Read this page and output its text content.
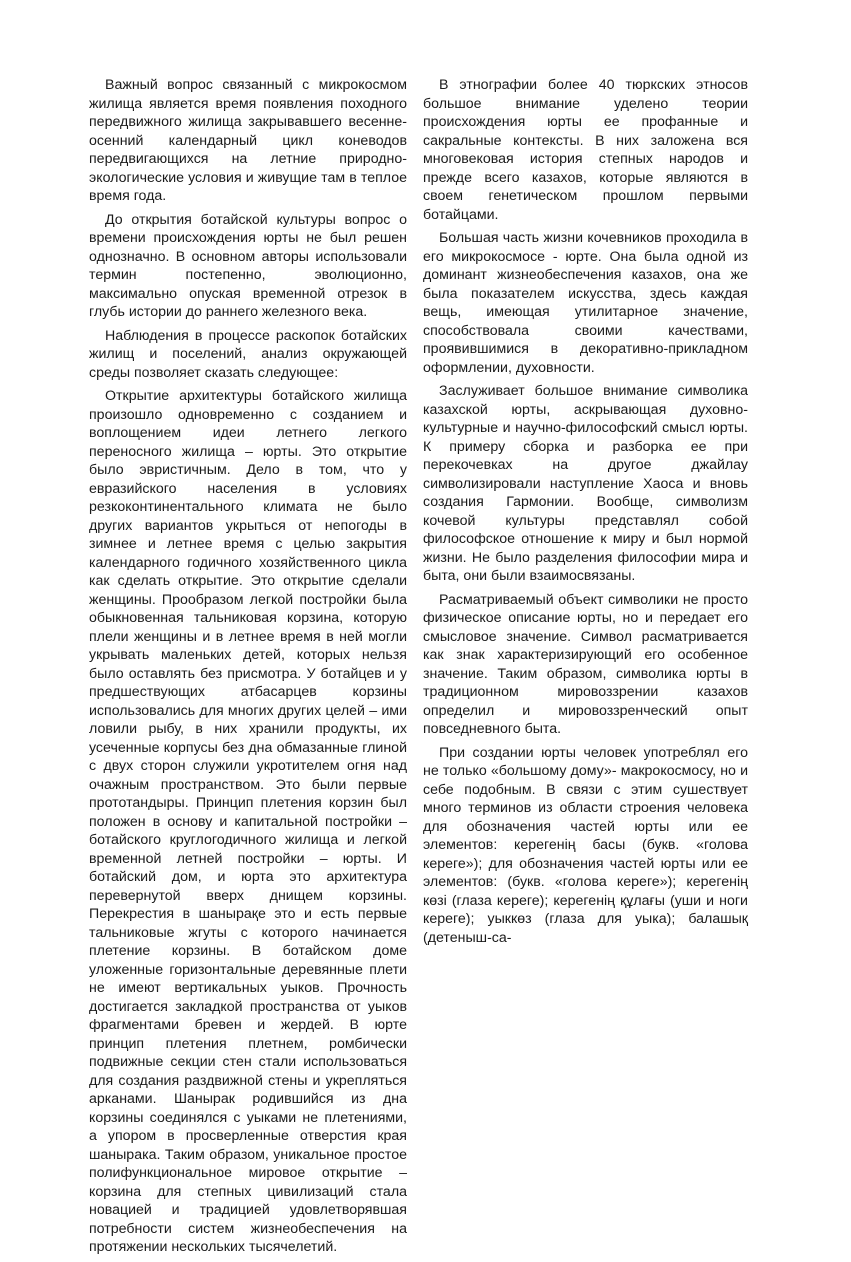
Важный вопрос связанный с микрокосмом жилища является время появления походного передвижного жилища закрывавшего весенне-осенний календарный цикл коневодов передвигающихся на летние природно-экологические условия и живущие там в теплое время года.

До открытия ботайской культуры вопрос о времени происхождения юрты не был решен однозначно. В основном авторы использовали термин постепенно, эволюционно, максимально опуская временной отрезок в глубь истории до раннего железного века.

Наблюдения в процессе раскопок ботайских жилищ и поселений, анализ окружающей среды позволяет сказать следующее:

Открытие архитектуры ботайского жилища произошло одновременно с созданием и воплощением идеи летнего легкого переносного жилища – юрты. Это открытие было эвристичным. Дело в том, что у евразийского населения в условиях резкоконтинентального климата не было других вариантов укрыться от непогоды в зимнее и летнее время с целью закрытия календарного годичного хозяйственного цикла как сделать открытие. Это открытие сделали женщины. Прообразом легкой постройки была обыкновенная тальниковая корзина, которую плели женщины и в летнее время в ней могли укрывать маленьких детей, которых нельзя было оставлять без присмотра. У ботайцев и у предшествующих атбасарцев корзины использовались для многих других целей – ими ловили рыбу, в них хранили продукты, их усеченные корпусы без дна обмазанные глиной с двух сторон служили укротителем огня над очажным пространством. Это были первые прототандыры. Принцип плетения корзин был положен в основу и капитальной постройки – ботайского круглогодичного жилища и легкой временной летней постройки – юрты. И ботайский дом, и юрта это архитектура перевернутой вверх днищем корзины. Перекрестия в шанырақе это и есть первые тальниковые жгуты с которого начинается плетение корзины. В ботайском доме уложенные горизонтальные деревянные плети не имеют вертикальных уыков. Прочность достигается закладкой пространства от уыков фрагментами бревен и жердей. В юрте принцип плетения плетнем, ромбически подвижные секции стен стали использоваться для создания раздвижной стены и укрепляться арканами. Шанырак родившийся из дна корзины соединялся с уыками не плетениями, а упором в просверленные отверстия края шанырака. Таким образом, уникальное простое полифункциональное мировое открытие – корзина для степных цивилизаций стала новацией и традицией удовлетворявшая потребности систем жизнеобеспечения на протяжении нескольких тысячелетий.

В этнографии более 40 тюркских этносов большое внимание уделено теории происхождения юрты ее профанные и сакральные контексты. В них заложена вся многовековая история степных народов и прежде всего казахов, которые являются в своем генетическом прошлом первыми ботайцами.

Большая часть жизни кочевников проходила в его микрокосмосе - юрте. Она была одной из доминант жизнеобеспечения казахов, она же была показателем искусства, здесь каждая вещь, имеющая утилитарное значение, способствовала своими качествами, проявившимися в декоративно-прикладном оформлении, духовности.

Заслуживает большое внимание символика казахской юрты, аскрывающая духовно-культурные и научно-философский смысл юрты. К примеру сборка и разборка ее при перекочевках на другое джайлау символизировали наступление Хаоса и вновь создания Гармонии. Вообще, символизм кочевой культуры представлял собой философское отношение к миру и был нормой жизни. Не было разделения философии мира и быта, они были взаимосвязаны.

Расматриваемый объект символики не просто физическое описание юрты, но и передает его смысловое значение. Символ расматривается как знак характеризирующий его особенное значение. Таким образом, символика юрты в традиционном мировоззрении казахов определил и мировоззренческий опыт повседневного быта.

При создании юрты человек употреблял его не только «большому дому»- макрокосмосу, но и себе подобным. В связи с этим сушествует много терминов из области строения человека для обозначения частей юрты или ее элементов: керегенің басы (букв. «голова кереге»); для обозначения частей юрты или ее элементов: (букв. «голова кереге»); керегенің көзі (глаза кереге); керегенің құлағы (уши и ноги кереге); уыккөз (глаза для уыка); балашық (детеныш-са-
